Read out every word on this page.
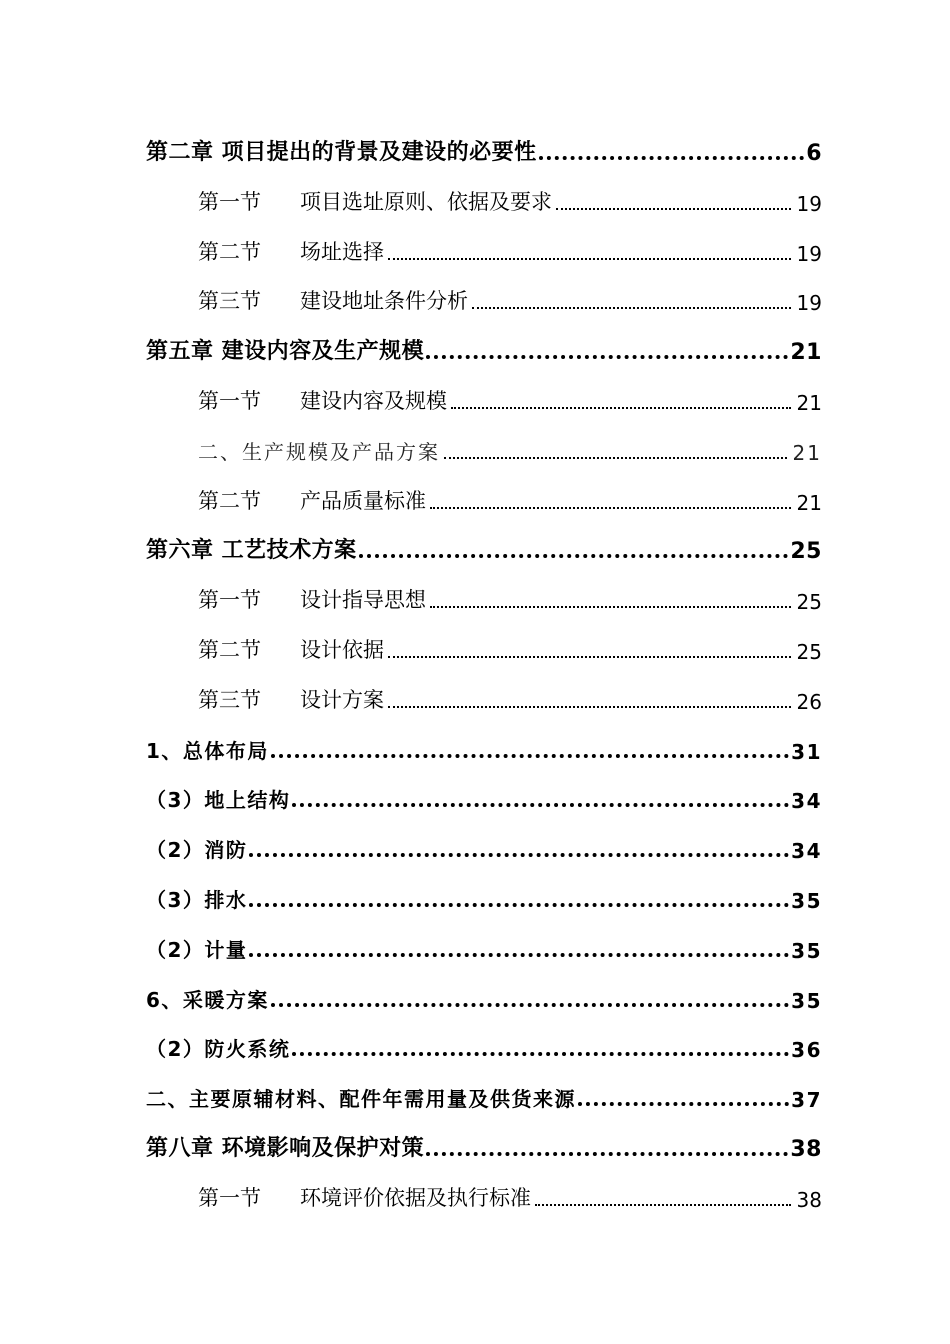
第二章 项目提出的背景及建设的必要性	6
第一节 项目选址原则、依据及要求	19
第二节 场址选择	19
第三节 建设地址条件分析	19
第五章 建设内容及生产规模	21
第一节 建设内容及规模	21
二、生产规模及产品方案	21
第二节 产品质量标准	21
第六章 工艺技术方案	25
第一节 设计指导思想	25
第二节 设计依据	25
第三节 设计方案	26
1、总体布局	31
（3）地上结构	34
（2）消防	34
（3）排水	35
（2）计量	35
6、采暖方案	35
（2）防火系统	36
二、主要原辅材料、配件年需用量及供货来源	37
第八章 环境影响及保护对策	38
第一节 环境评价依据及执行标准	38
